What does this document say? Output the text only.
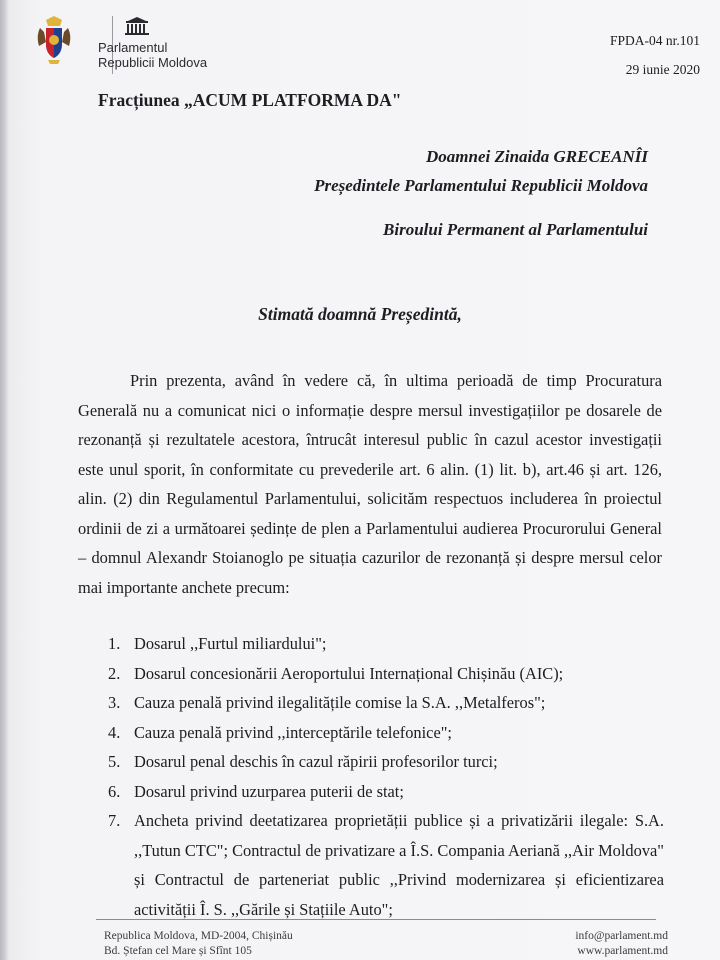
Parlamentul
Republicii Moldova
FPDA-04 nr.101
29 iunie 2020
Fracțiunea „ACUM PLATFORMA DA"
Doamnei Zinaida GRECEANÎI
Președintele Parlamentului Republicii Moldova
Biroului Permanent al Parlamentului
Stimată doamnă Președintă,
Prin prezenta, având în vedere că, în ultima perioadă de timp Procuratura Generală nu a comunicat nici o informație despre mersul investigațiilor pe dosarele de rezonanță și rezultatele acestora, întrucât interesul public în cazul acestor investigații este unul sporit, în conformitate cu prevederile art. 6 alin. (1) lit. b), art.46 și art. 126, alin. (2) din Regulamentul Parlamentului, solicităm respectuos includerea în proiectul ordinii de zi a următoarei ședințe de plen a Parlamentului audierea Procurorului General – domnul Alexandr Stoianoglo pe situația cazurilor de rezonanță și despre mersul celor mai importante anchete precum:
1. Dosarul ,,Furtul miliardului";
2. Dosarul concesionării Aeroportului Internațional Chișinău (AIC);
3. Cauza penală privind ilegalitățile comise la S.A. ,,Metalferos";
4. Cauza penală privind ,,interceptările telefonice";
5. Dosarul penal deschis în cazul răpirii profesorilor turci;
6. Dosarul privind uzurparea puterii de stat;
7. Ancheta privind deetatizarea proprietății publice și a privatizării ilegale: S.A. ,,Tutun CTC"; Contractul de privatizare a Î.S. Compania Aeriană ,,Air Moldova" și Contractul de parteneriat public ,,Privind modernizarea și eficientizarea activității Î. S. ,,Gările și Stațiile Auto";
Republica Moldova, MD-2004, Chișinău
Bd. Ștefan cel Mare și Sfînt 105
info@parlament.md
www.parlament.md
